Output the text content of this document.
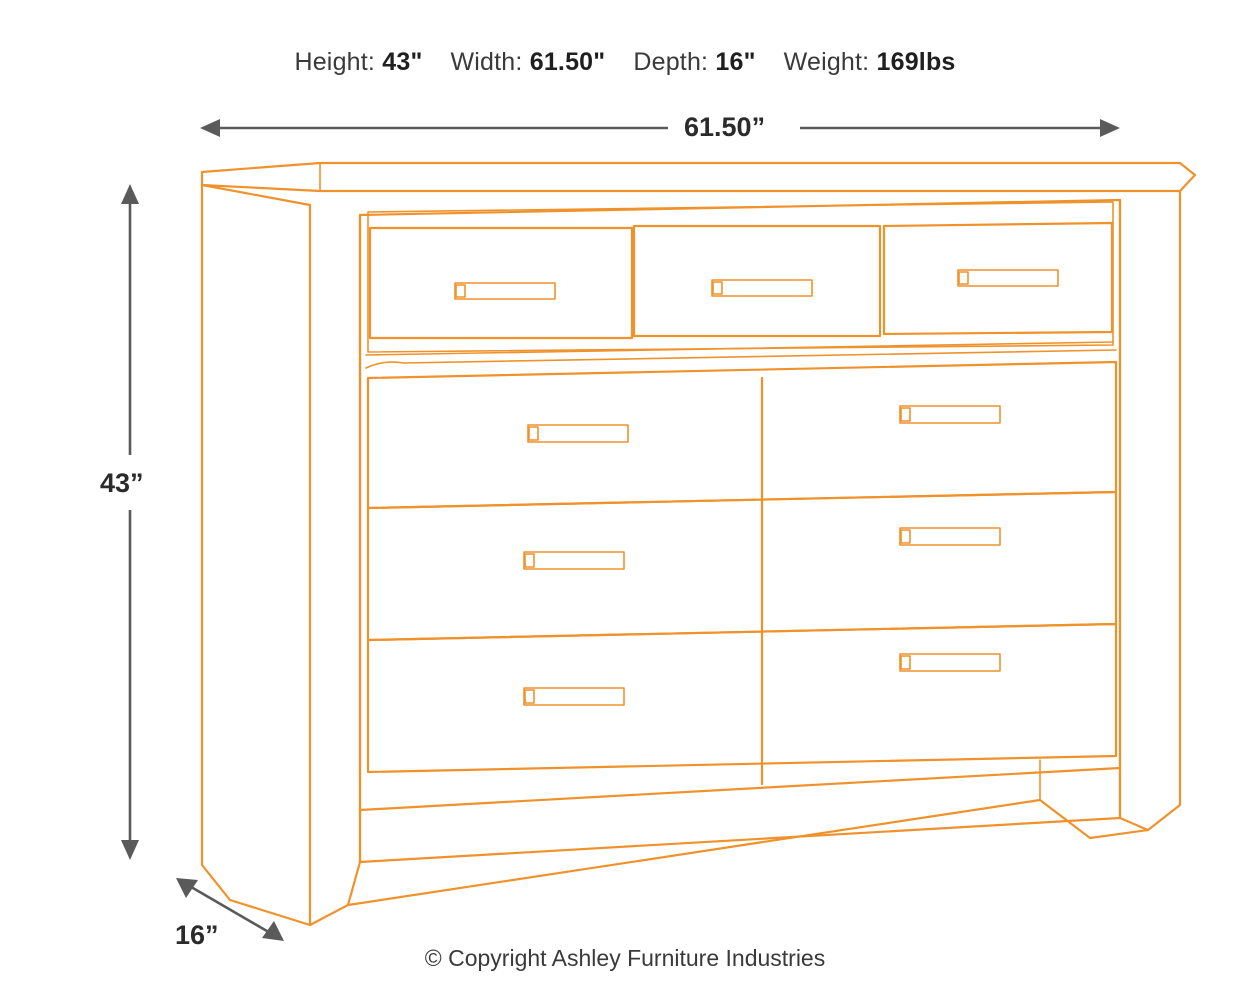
Height: 43" Width: 61.50" Depth: 16" Weight: 169lbs
61.50”
43”
16”
© Copyright Ashley Furniture Industries
